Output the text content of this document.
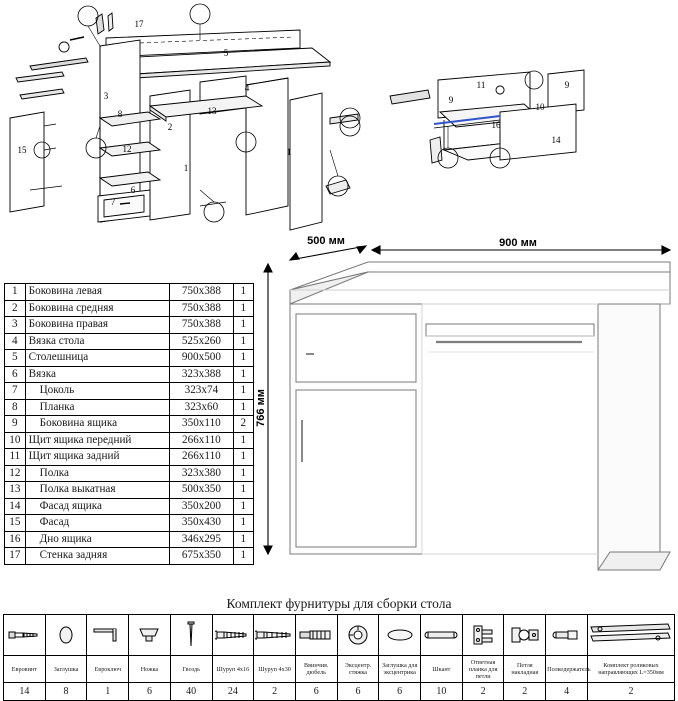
17
5
3
4
13
8
2
12	1
15
6
7
1
11
9
9
10
16
14
1	Боковина левая	750х388	1
2	Боковина средняя	750х388	1
3	Боковина правая	750х388	1
4	Вязка стола	525х260	1
5	Столешница	900х500	1
6	Вязка	323х388	1
7	Цоколь	323х74	1
8	Планка	323х60	1
9	Боковина ящика	350х110	2
10	Щит ящика передний	266х110	1
11	Щит ящика задний	266х110	1
12	Полка	323х380	1
13	Полка выкатная	500х350	1
14	Фасад ящика	350х200	1
15	Фасад	350х430	1
16	Дно ящика	346х295	1
17	Стенка задняя	675х350	1
900 мм
500 мм
766 мм
Комплект фурнитуры для сборки стола

Евровинт	Заглушка	Евроключ	Ножка	Гвоздь	Шуруп 4х16	Шуруп 4х30	Ввинчив. дюбель	Эксцентр. стяжка	Заглушка для эксцентрика	Шкант	Ответная планка для петли	Петля накладная	Полкодержатель	Комплект роликовых направляющих L=350мм
14	8	1	6	40	24	2	6	6	6	10	2	2	4	2
